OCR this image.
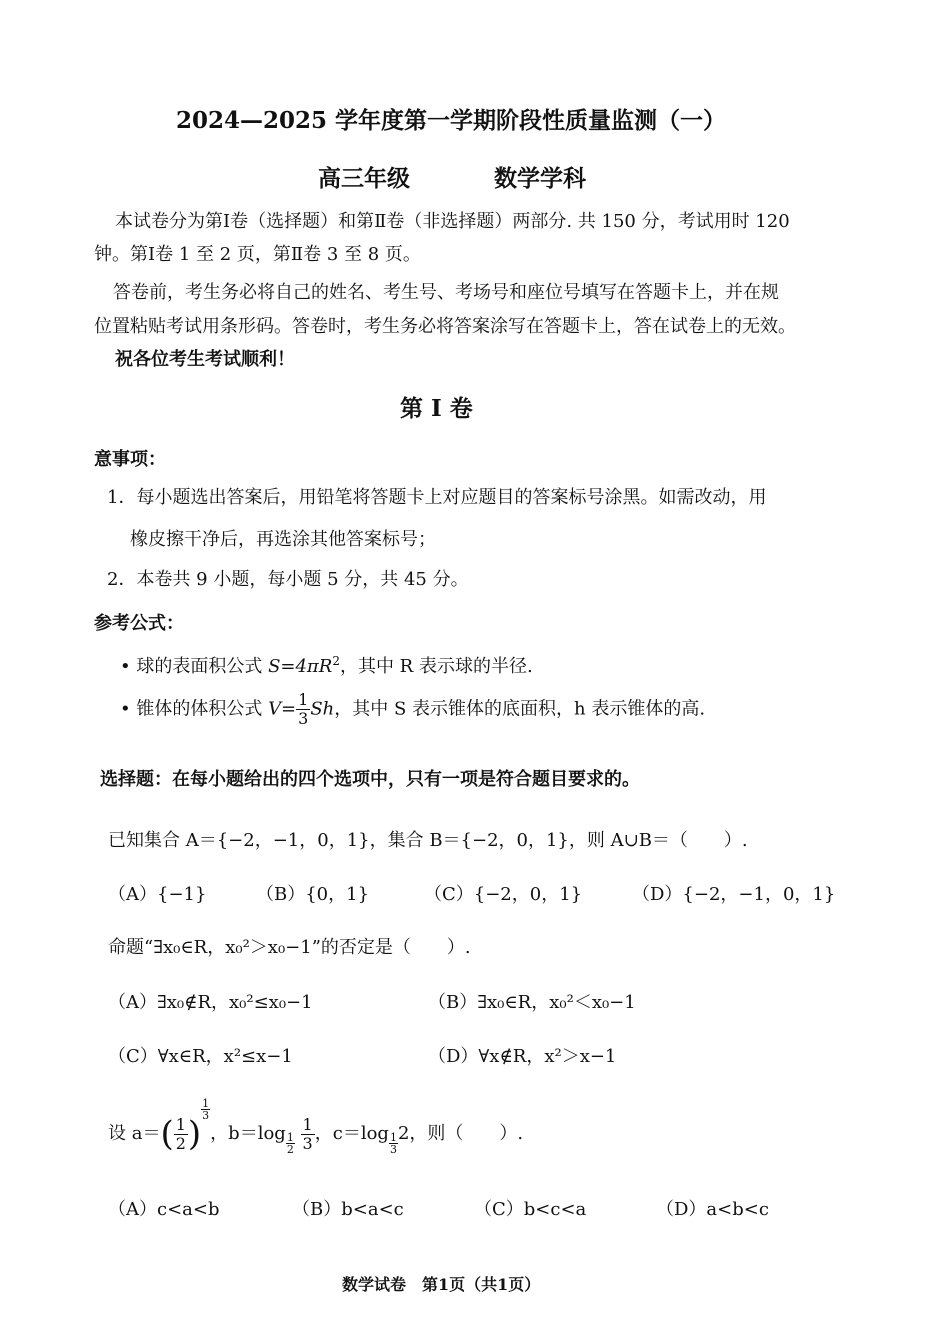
2024—2025 学年度第一学期阶段性质量监测（一）
高三年级	数学学科
本试卷分为第Ⅰ卷（选择题）和第Ⅱ卷（非选择题）两部分. 共 150 分，考试用时 120
钟。第Ⅰ卷 1 至 2 页，第Ⅱ卷 3 至 8 页。
答卷前，考生务必将自己的姓名、考生号、考场号和座位号填写在答题卡上，并在规
位置粘贴考试用条形码。答卷时，考生务必将答案涂写在答题卡上，答在试卷上的无效。
祝各位考生考试顺利！
第 Ⅰ 卷
意事项：
1．每小题选出答案后，用铅笔将答题卡上对应题目的答案标号涂黑。如需改动，用
橡皮擦干净后，再选涂其他答案标号；
2．本卷共 9 小题，每小题 5 分，共 45 分。
参考公式：
• 球的表面积公式 $S=4\pi R^2$，其中 R 表示球的半径.
• 锥体的体积公式 $V= \frac{1}{3}$ Sh，其中 S 表示锥体的底面积，h 表示锥体的高.
选择题：在每小题给出的四个选项中，只有一项是符合题目要求的。
已知集合 A＝{−2，−1，0，1}，集合 B＝{−2，0，1}，则 A∪B＝（　　）.
（A）{−1}	（B）{0，1}	（C）{−2，0，1}	（D）{−2，−1，0，1}
命题“∃x₀∈R，x₀²＞x₀−1”的否定是（　　）.
（A）∃x₀∉R，x₀²≤x₀−1	（B）∃x₀∈R，x₀²＜x₀−1
（C）∀x∈R，x²≤x−1	（D）∀x∉R，x²＞x−1
设 $a=( \frac{1}{2}$ )
$\frac{1}{3}$
，$b=\log \frac{1}{2}$
$\frac{1}{3}$ ，$c=\log \frac{1}{3} 2$，则（　　）.
（A）c<a<b	（B）b<a<c	（C）b<c<a	（D）a<b<c
数学试卷　第1页（共1页）
